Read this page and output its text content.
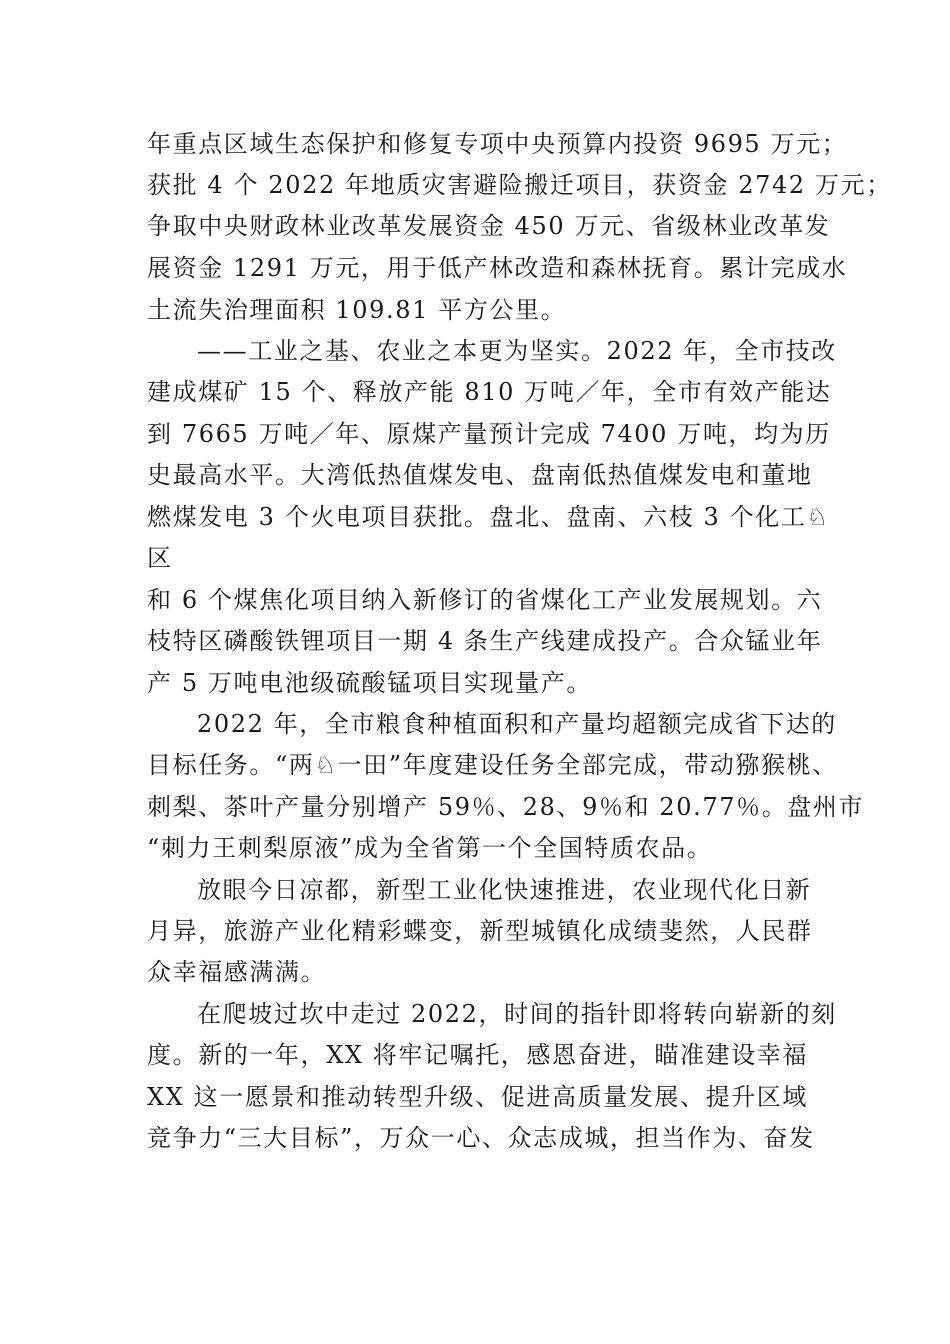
年重点区域生态保护和修复专项中央预算内投资 9695 万元；
获批 4 个 2022 年地质灾害避险搬迁项目，获资金 2742 万元；
争取中央财政林业改革发展资金 450 万元、省级林业改革发
展资金 1291 万元，用于低产林改造和森林抚育。累计完成水
土流失治理面积 109.81 平方公里。
——工业之基、农业之本更为坚实。2022 年，全市技改
建成煤矿 15 个、释放产能 810 万吨／年，全市有效产能达
到 7665 万吨／年、原煤产量预计完成 7400 万吨，均为历
史最高水平。大湾低热值煤发电、盘南低热值煤发电和董地
燃煤发电 3 个火电项目获批。盘北、盘南、六枝 3 个化工♘
区
和 6 个煤焦化项目纳入新修订的省煤化工产业发展规划。六
枝特区磷酸铁锂项目一期 4 条生产线建成投产。合众锰业年
产 5 万吨电池级硫酸锰项目实现量产。
2022 年，全市粮食种植面积和产量均超额完成省下达的
目标任务。“两♘一田”年度建设任务全部完成，带动猕猴桃、
刺梨、茶叶产量分别增产 59％、28、9％和 20.77％。盘州市
“刺力王刺梨原液”成为全省第一个全国特质农品。
放眼今日凉都，新型工业化快速推进，农业现代化日新
月异，旅游产业化精彩蝶变，新型城镇化成绩斐然，人民群
众幸福感满满。
在爬坡过坎中走过 2022，时间的指针即将转向崭新的刻
度。新的一年，XX 将牢记嘱托，感恩奋进，瞄准建设幸福
XX 这一愿景和推动转型升级、促进高质量发展、提升区域
竞争力“三大目标”，万众一心、众志成城，担当作为、奋发
